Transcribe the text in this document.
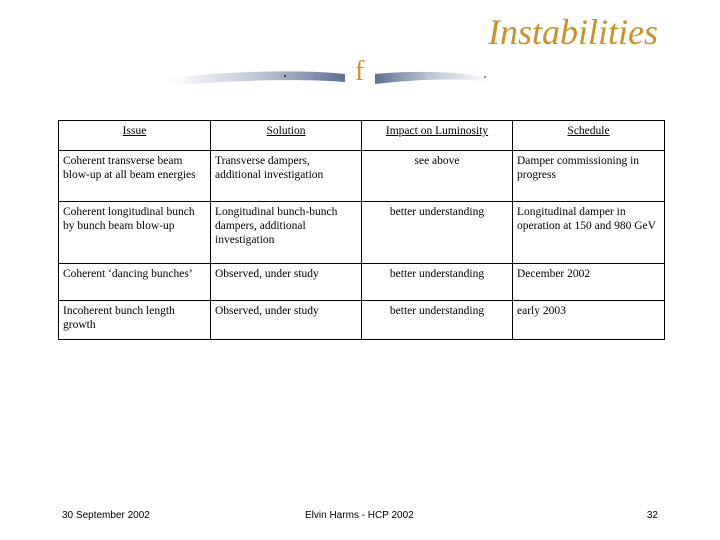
Instabilities
f
Issue	Solution	Impact on Luminosity	Schedule
Coherent transverse beam blow-up at all beam energies	Transverse dampers, additional investigation	see above	Damper commissioning in progress
Coherent longitudinal bunch by bunch beam blow-up	Longitudinal bunch-bunch dampers, additional investigation	better understanding	Longitudinal damper in operation at 150 and 980 GeV
Coherent ‘dancing bunches’	Observed, under study	better understanding	December 2002
Incoherent bunch length growth	Observed, under study	better understanding	early 2003
30 September 2002	Elvin Harms - HCP 2002	32
